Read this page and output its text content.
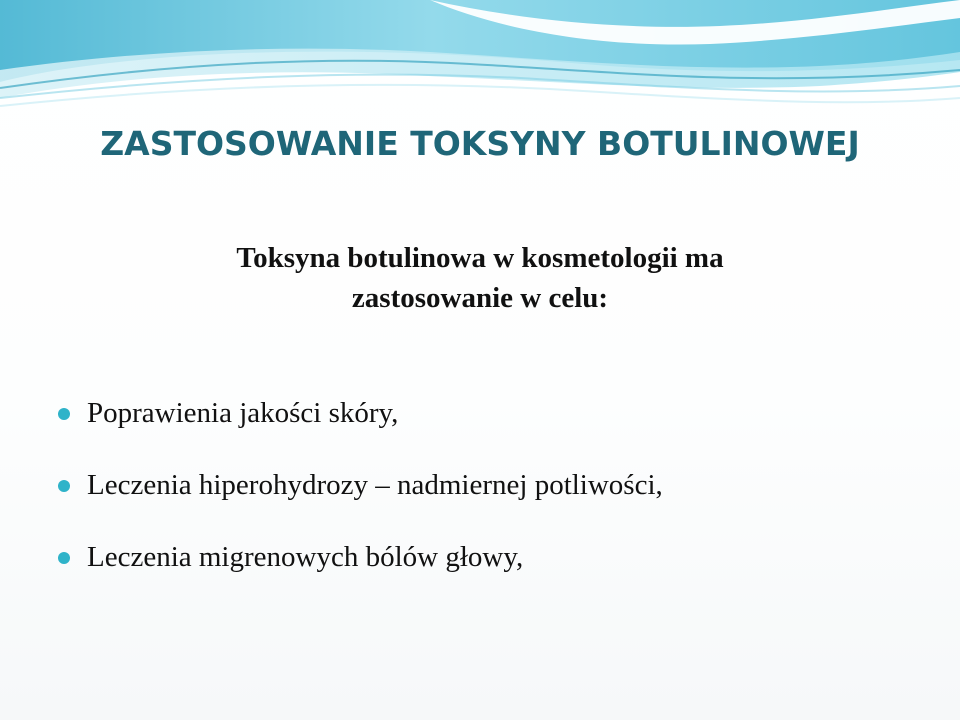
ZASTOSOWANIE TOKSYNY BOTULINOWEJ
Toksyna botulinowa w kosmetologii ma
zastosowanie w celu:
Poprawienia jakości skóry,
Leczenia hiperohydrozy – nadmiernej potliwości,
Leczenia migrenowych bólów głowy,
